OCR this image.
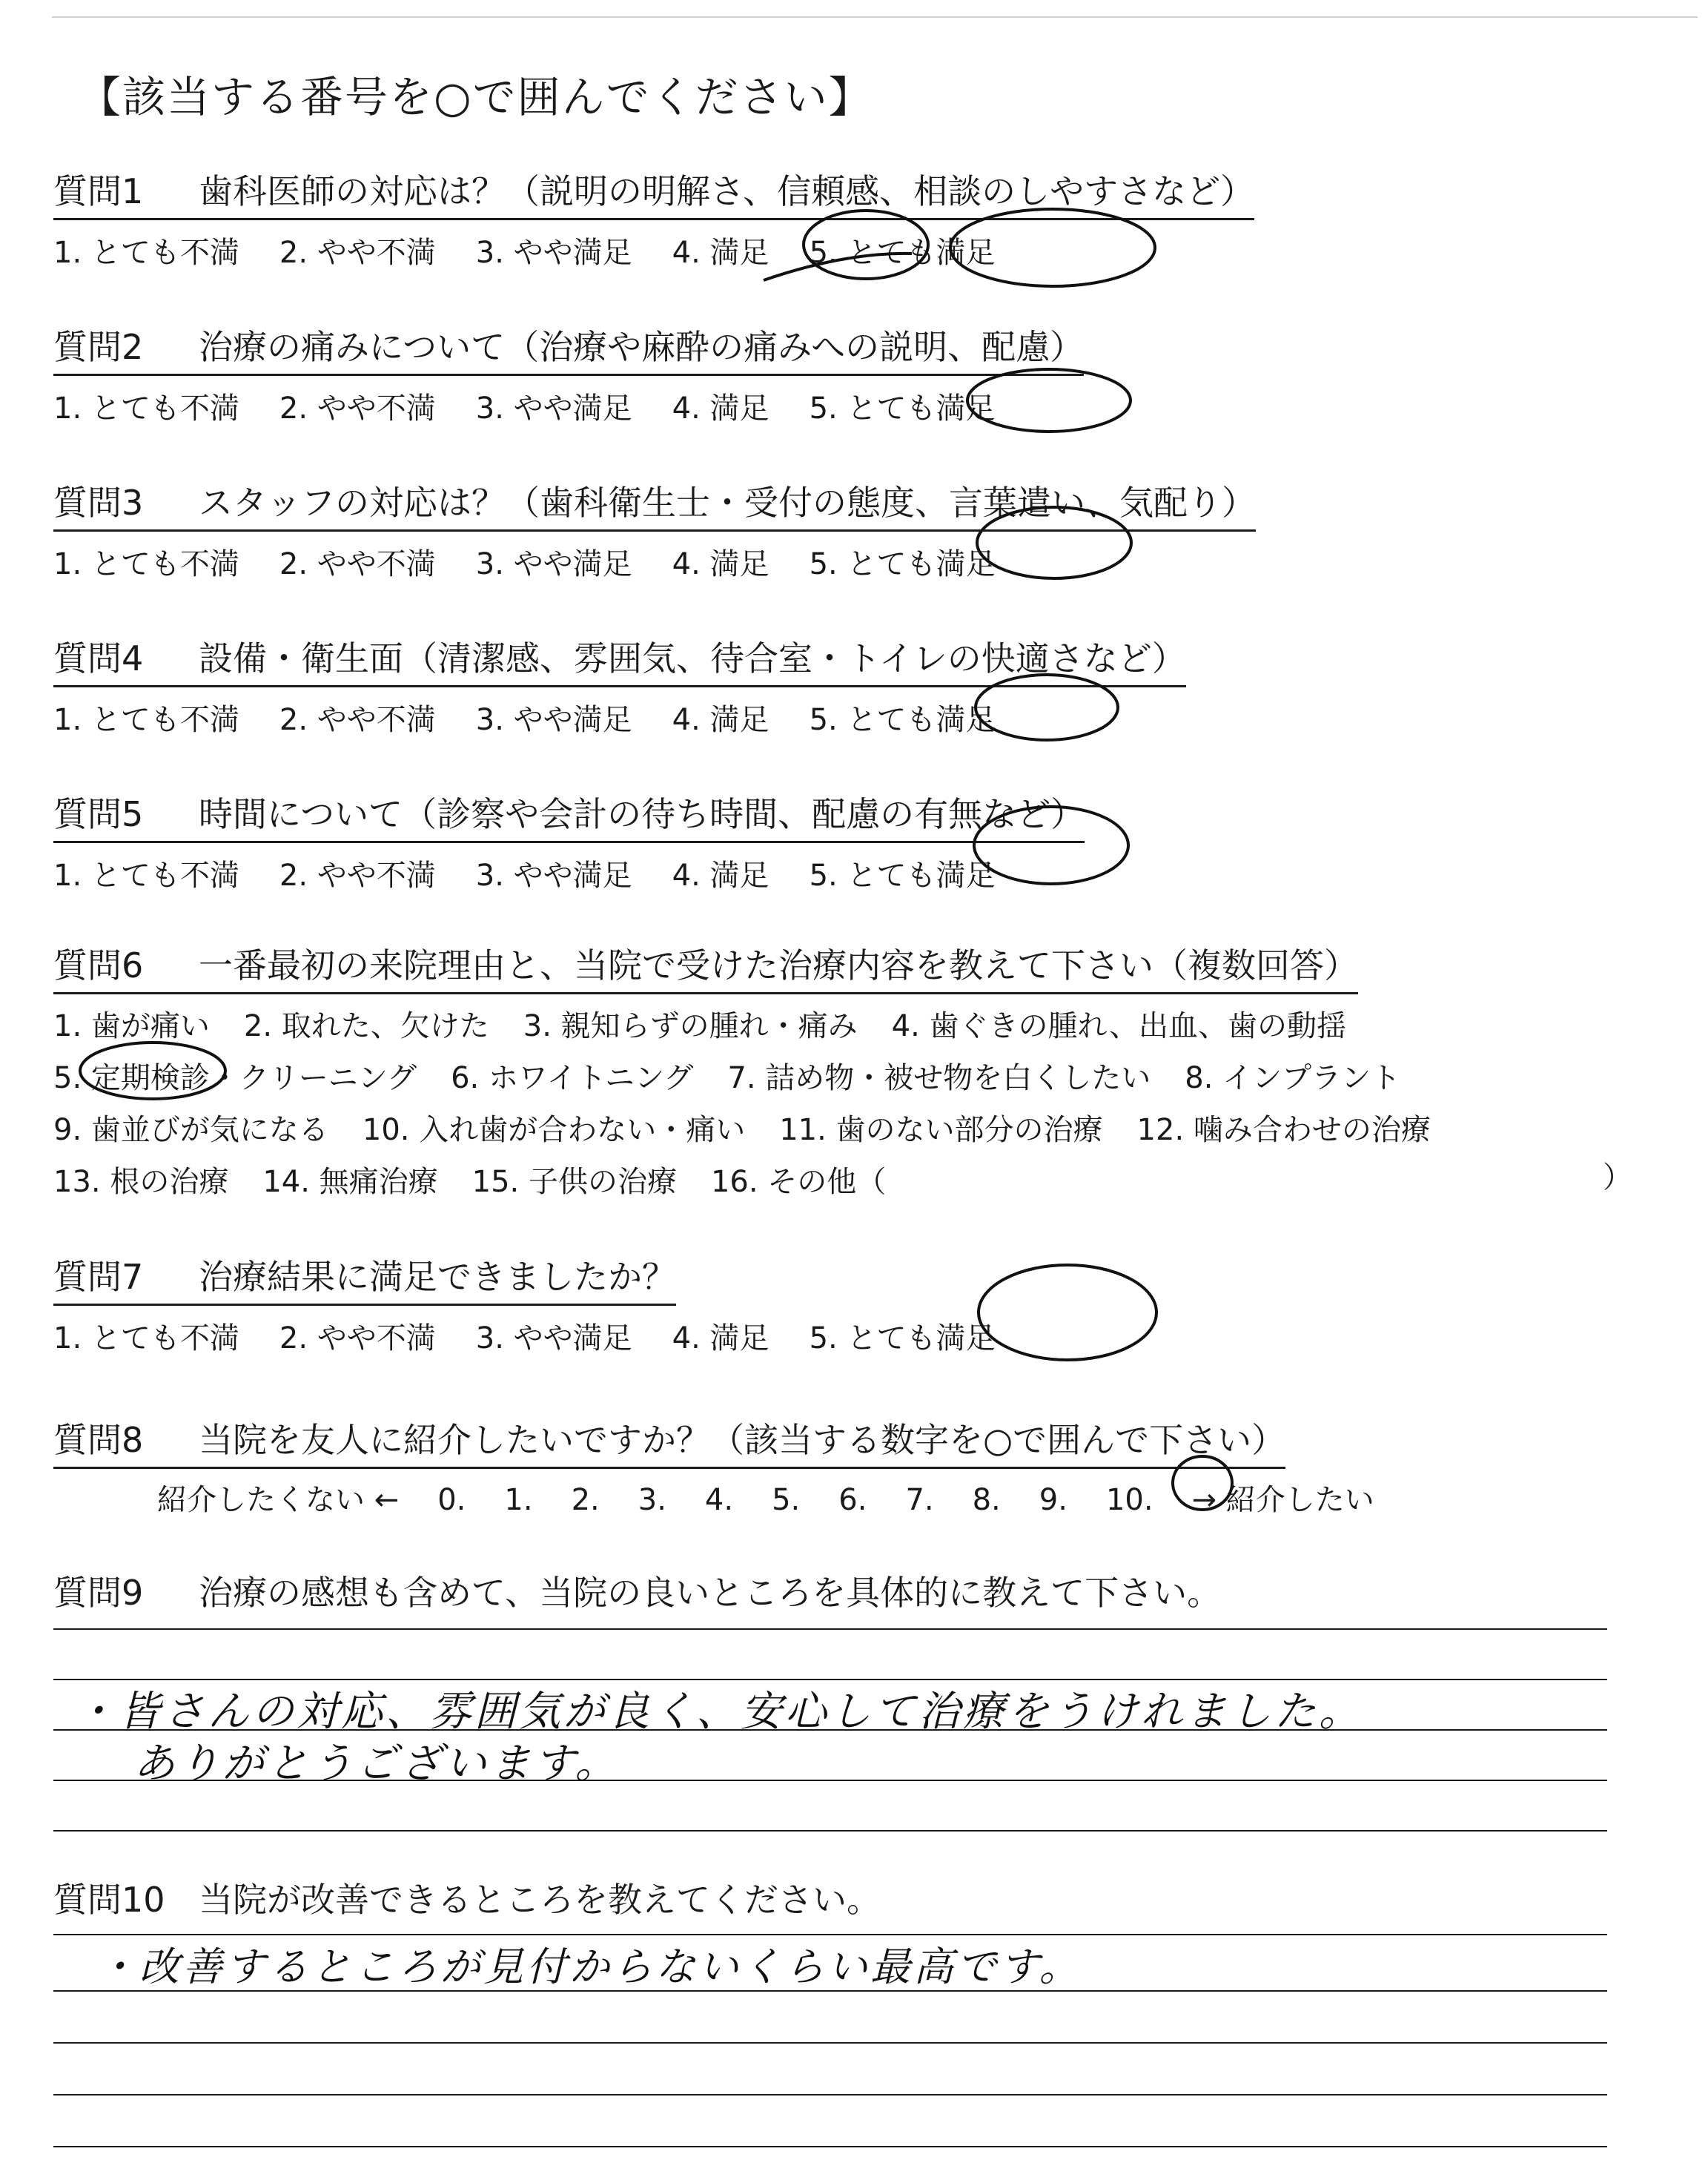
【該当する番号を○で囲んでください】
質問1 歯科医師の対応は？（説明の明解さ、信頼感、相談のしやすさなど）
1. とても不満 2. やや不満 3. やや満足 4. 満足 5. とても満足
質問2 治療の痛みについて（治療や麻酔の痛みへの説明、配慮）
1. とても不満 2. やや不満 3. やや満足 4. 満足 5. とても満足
質問3 スタッフの対応は？（歯科衛生士・受付の態度、言葉遣い、気配り）
1. とても不満 2. やや不満 3. やや満足 4. 満足 5. とても満足
質問4 設備・衛生面（清潔感、雰囲気、待合室・トイレの快適さなど）
1. とても不満 2. やや不満 3. やや満足 4. 満足 5. とても満足
質問5 時間について（診察や会計の待ち時間、配慮の有無など）
1. とても不満 2. やや不満 3. やや満足 4. 満足 5. とても満足
質問6 一番最初の来院理由と、当院で受けた治療内容を教えて下さい（複数回答）
1. 歯が痛い 2. 取れた、欠けた 3. 親知らずの腫れ・痛み 4. 歯ぐきの腫れ、出血、歯の動揺
5. 定期検診・クリーニング 6. ホワイトニング 7. 詰め物・被せ物を白くしたい 8. インプラント
9. 歯並びが気になる 10. 入れ歯が合わない・痛い 11. 歯のない部分の治療 12. 噛み合わせの治療
13. 根の治療 14. 無痛治療 15. 子供の治療 16. その他（	）
質問7 治療結果に満足できましたか？
1. とても不満 2. やや不満 3. やや満足 4. 満足 5. とても満足
質問8 当院を友人に紹介したいですか？（該当する数字を○で囲んで下さい）
紹介したくない ← 0. 1. 2. 3. 4. 5. 6. 7. 8. 9. 10. → 紹介したい
質問9 治療の感想も含めて、当院の良いところを具体的に教えて下さい。
・皆さんの対応、雰囲気が良く、安心して治療をうけれました。
ありがとうございます。
質問10 当院が改善できるところを教えてください。
・改善するところが見付からないくらい最高です。
